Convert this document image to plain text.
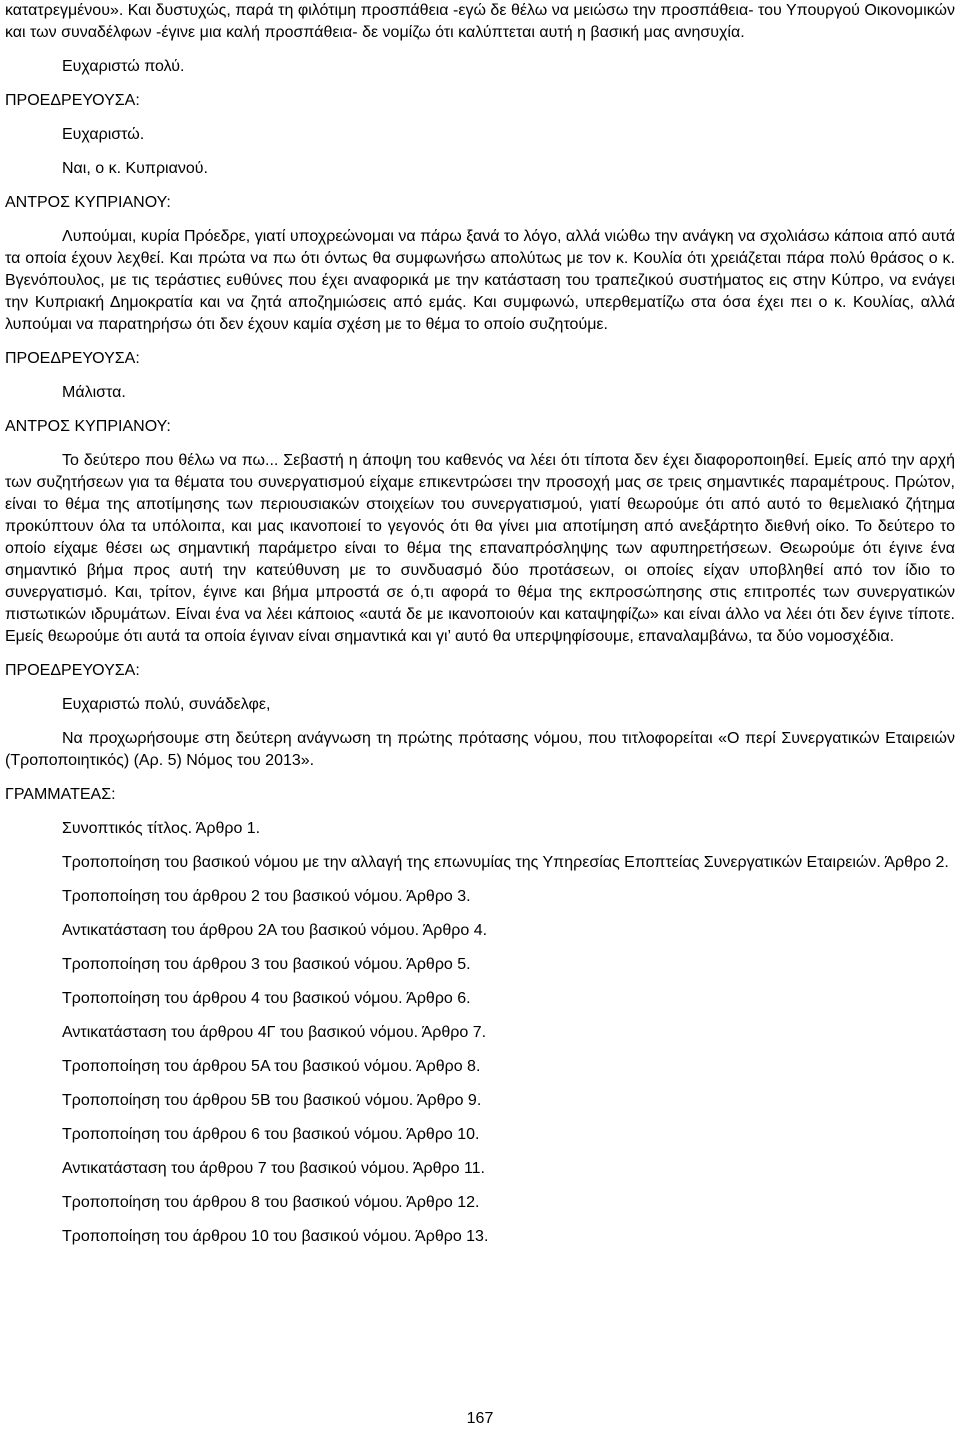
κατατρεγμένου». Και δυστυχώς, παρά τη φιλότιμη προσπάθεια -εγώ δε θέλω να μειώσω την προσπάθεια- του Υπουργού Οικονομικών και των συναδέλφων -έγινε μια καλή προσπάθεια- δε νομίζω ότι καλύπτεται αυτή η βασική μας ανησυχία.

Ευχαριστώ πολύ.

ΠΡΟΕΔΡΕΥΟΥΣΑ:

Ευχαριστώ.

Ναι, ο κ. Κυπριανού.

ΑΝΤΡΟΣ ΚΥΠΡΙΑΝΟΥ:

Λυπούμαι, κυρία Πρόεδρε, γιατί υποχρεώνομαι να πάρω ξανά το λόγο, αλλά νιώθω την ανάγκη να σχολιάσω κάποια από αυτά τα οποία έχουν λεχθεί. Και πρώτα να πω ότι όντως θα συμφωνήσω απολύτως με τον κ. Κουλία ότι χρειάζεται πάρα πολύ θράσος ο κ. Βγενόπουλος, με τις τεράστιες ευθύνες που έχει αναφορικά με την κατάσταση του τραπεζικού συστήματος εις στην Κύπρο, να ενάγει την Κυπριακή Δημοκρατία και να ζητά αποζημιώσεις από εμάς. Και συμφωνώ, υπερθεματίζω στα όσα έχει πει ο κ. Κουλίας, αλλά λυπούμαι να παρατηρήσω ότι δεν έχουν καμία σχέση με το θέμα το οποίο συζητούμε.

ΠΡΟΕΔΡΕΥΟΥΣΑ:

Μάλιστα.

ΑΝΤΡΟΣ ΚΥΠΡΙΑΝΟΥ:

Το δεύτερο που θέλω να πω... Σεβαστή η άποψη του καθενός να λέει ότι τίποτα δεν έχει διαφοροποιηθεί. Εμείς από την αρχή των συζητήσεων για τα θέματα του συνεργατισμού είχαμε επικεντρώσει την προσοχή μας σε τρεις σημαντικές παραμέτρους. Πρώτον, είναι το θέμα της αποτίμησης των περιουσιακών στοιχείων του συνεργατισμού, γιατί θεωρούμε ότι από αυτό το θεμελιακό ζήτημα προκύπτουν όλα τα υπόλοιπα, και μας ικανοποιεί το γεγονός ότι θα γίνει μια αποτίμηση από ανεξάρτητο διεθνή οίκο. Το δεύτερο το οποίο είχαμε θέσει ως σημαντική παράμετρο είναι το θέμα της επαναπρόσληψης των αφυπηρετήσεων. Θεωρούμε ότι έγινε ένα σημαντικό βήμα προς αυτή την κατεύθυνση με το συνδυασμό δύο προτάσεων, οι οποίες είχαν υποβληθεί από τον ίδιο το συνεργατισμό. Και, τρίτον, έγινε και βήμα μπροστά σε ό,τι αφορά το θέμα της εκπροσώπησης στις επιτροπές των συνεργατικών πιστωτικών ιδρυμάτων. Είναι ένα να λέει κάποιος «αυτά δε με ικανοποιούν και καταψηφίζω» και είναι άλλο να λέει ότι δεν έγινε τίποτε. Εμείς θεωρούμε ότι αυτά τα οποία έγιναν είναι σημαντικά και γι’ αυτό θα υπερψηφίσουμε, επαναλαμβάνω, τα δύο νομοσχέδια.

ΠΡΟΕΔΡΕΥΟΥΣΑ:

Ευχαριστώ πολύ, συνάδελφε,

Να προχωρήσουμε στη δεύτερη ανάγνωση τη πρώτης πρότασης νόμου, που τιτλοφορείται «Ο περί Συνεργατικών Εταιρειών (Τροποποιητικός) (Αρ. 5) Νόμος του 2013».

ΓΡΑΜΜΑΤΕΑΣ:

Συνοπτικός τίτλος. Άρθρο 1.

Τροποποίηση του βασικού νόμου με την αλλαγή της επωνυμίας της Υπηρεσίας Εποπτείας Συνεργατικών Εταιρειών. Άρθρο 2.

Τροποποίηση του άρθρου 2 του βασικού νόμου. Άρθρο 3.

Αντικατάσταση του άρθρου 2Α του βασικού νόμου. Άρθρο 4.

Τροποποίηση του άρθρου 3 του βασικού νόμου. Άρθρο 5.

Τροποποίηση του άρθρου 4 του βασικού νόμου. Άρθρο 6.

Αντικατάσταση του άρθρου 4Γ του βασικού νόμου. Άρθρο 7.

Τροποποίηση του άρθρου 5Α του βασικού νόμου. Άρθρο 8.

Τροποποίηση του άρθρου 5Β του βασικού νόμου. Άρθρο 9.

Τροποποίηση του άρθρου 6 του βασικού νόμου. Άρθρο 10.

Αντικατάσταση του άρθρου 7 του βασικού νόμου. Άρθρο 11.

Τροποποίηση του άρθρου 8 του βασικού νόμου. Άρθρο 12.

Τροποποίηση του άρθρου 10 του βασικού νόμου. Άρθρο 13.

167
